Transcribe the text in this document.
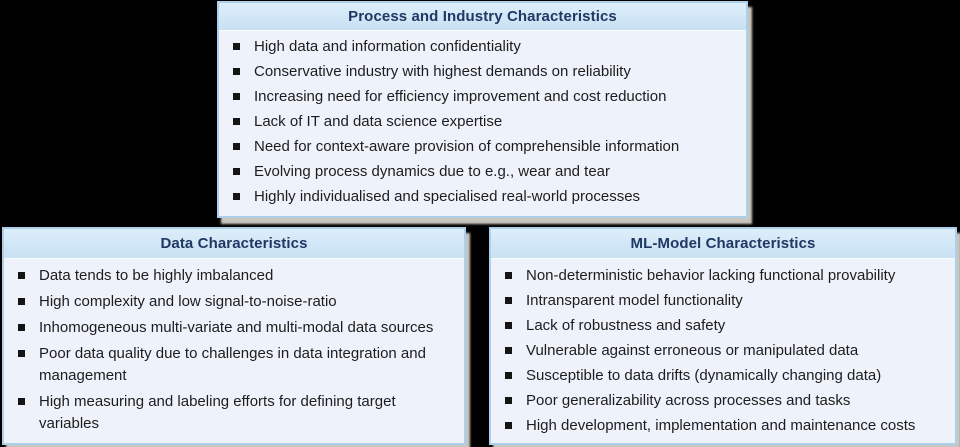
Process and Industry Characteristics
High data and information confidentiality
Conservative industry with highest demands on reliability
Increasing need for efficiency improvement and cost reduction
Lack of IT and data science expertise
Need for context-aware provision of comprehensible information
Evolving process dynamics due to e.g., wear and tear
Highly individualised and specialised real-world processes
Data Characteristics
Data tends to be highly imbalanced
High complexity and low signal-to-noise-ratio
Inhomogeneous multi-variate and multi-modal data sources
Poor data quality due to challenges in data integration and management
High measuring and labeling efforts for defining target variables
ML-Model Characteristics
Non-deterministic behavior lacking functional provability
Intransparent model functionality
Lack of robustness and safety
Vulnerable against erroneous or manipulated data
Susceptible to data drifts (dynamically changing data)
Poor generalizability across processes and tasks
High development, implementation and maintenance costs
